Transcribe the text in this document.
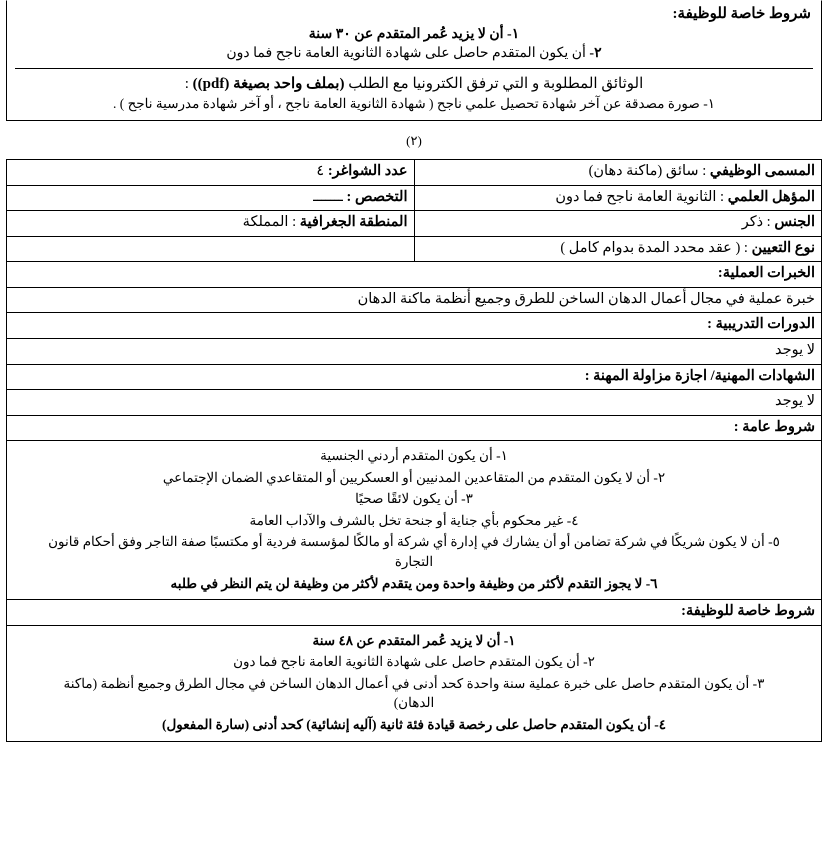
شروط خاصة للوظيفة:
١- أن لا يزيد عُمر المتقدم عن ٣٠ سنة
٢- أن يكون المتقدم حاصل على شهادة الثانوية العامة ناجح فما دون
الوثائق المطلوبة و التي ترفق الكترونيا مع الطلب (بملف واحد بصيغة (pdf)) :
١- صورة مصدقة عن آخر شهادة تحصيل علمي ناجح ( شهادة الثانوية العامة ناجح ، أو آخر شهادة مدرسية ناجح ) .
(٢)
المسمى الوظيفي : سائق (ماكنة دهان)	عدد الشواغر: ٤
المؤهل العلمي : الثانوية العامة ناجح فما دون	التخصص : ـــــــ
الجنس : ذكر	المنطقة الجغرافية : المملكة
نوع التعيين : ( عقد محدد المدة بدوام كامل )	
الخبرات العملية:	
خبرة عملية في مجال أعمال الدهان الساخن للطرق وجميع أنظمة ماكنة الدهان	
الدورات التدريبية :	
لا يوجد	
الشهادات المهنية/ اجازة مزاولة المهنة :	
لا يوجد	
شروط عامة :	

١- أن يكون المتقدم أردني الجنسية
٢- أن لا يكون المتقدم من المتقاعدين المدنيين أو العسكريين أو المتقاعدي الضمان الإجتماعي
٣- أن يكون لائقًا صحيًا
٤- غير محكوم بأي جناية أو جنحة تخل بالشرف والآداب العامة
٥- أن لا يكون شريكًا في شركة تضامن أو أن يشارك في إدارة أي شركة أو مالكًا لمؤسسة فردية أو مكتسبًا صفة التاجر وفق أحكام قانون التجارة
٦- لا يجوز التقدم لأكثر من وظيفة واحدة ومن يتقدم لأكثر من وظيفة لن يتم النظر في طلبه

شروط خاصة للوظيفة:	

١- أن لا يزيد عُمر المتقدم عن ٤٨ سنة
٢- أن يكون المتقدم حاصل على شهادة الثانوية العامة ناجح فما دون
٣- أن يكون المتقدم حاصل على خبرة عملية سنة واحدة كحد أدنى في أعمال الدهان الساخن في مجال الطرق وجميع أنظمة (ماكنة الدهان)
٤- أن يكون المتقدم حاصل على رخصة قيادة فئة ثانية (آليه إنشائية) كحد أدنى (سارة المفعول)
